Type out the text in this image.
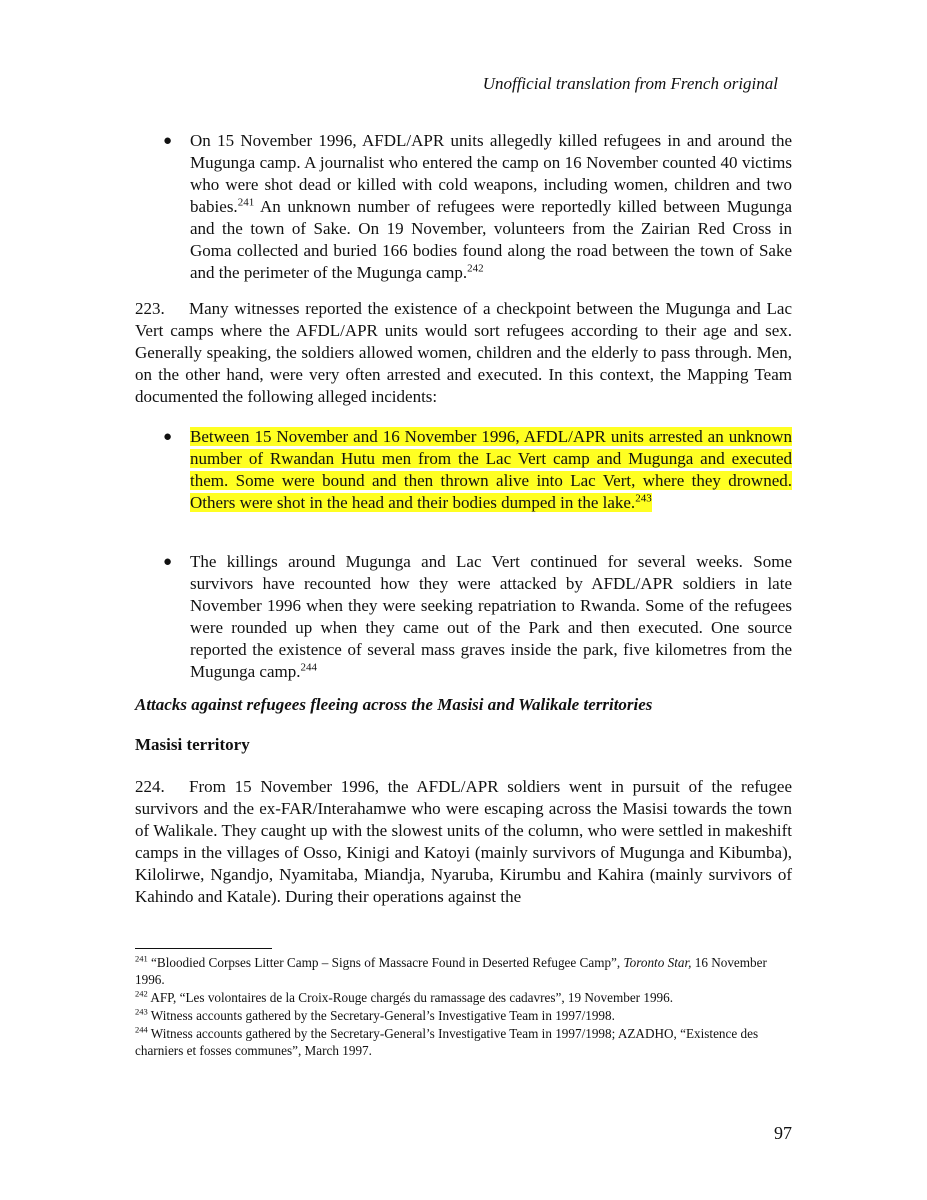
Unofficial translation from French original
● On 15 November 1996, AFDL/APR units allegedly killed refugees in and around the Mugunga camp. A journalist who entered the camp on 16 November counted 40 victims who were shot dead or killed with cold weapons, including women, children and two babies.$^{241}$ An unknown number of refugees were reportedly killed between Mugunga and the town of Sake. On 19 November, volunteers from the Zairian Red Cross in Goma collected and buried 166 bodies found along the road between the town of Sake and the perimeter of the Mugunga camp.$^{242}$
223. Many witnesses reported the existence of a checkpoint between the Mugunga and Lac Vert camps where the AFDL/APR units would sort refugees according to their age and sex. Generally speaking, the soldiers allowed women, children and the elderly to pass through. Men, on the other hand, were very often arrested and executed. In this context, the Mapping Team documented the following alleged incidents:
● Between 15 November and 16 November 1996, AFDL/APR units arrested an unknown number of Rwandan Hutu men from the Lac Vert camp and Mugunga and executed them. Some were bound and then thrown alive into Lac Vert, where they drowned. Others were shot in the head and their bodies dumped in the lake.$^{243}$
● The killings around Mugunga and Lac Vert continued for several weeks. Some survivors have recounted how they were attacked by AFDL/APR soldiers in late November 1996 when they were seeking repatriation to Rwanda. Some of the refugees were rounded up when they came out of the Park and then executed. One source reported the existence of several mass graves inside the park, five kilometres from the Mugunga camp.$^{244}$
Attacks against refugees fleeing across the Masisi and Walikale territories
Masisi territory
224. From 15 November 1996, the AFDL/APR soldiers went in pursuit of the refugee survivors and the ex-FAR/Interahamwe who were escaping across the Masisi towards the town of Walikale. They caught up with the slowest units of the column, who were settled in makeshift camps in the villages of Osso, Kinigi and Katoyi (mainly survivors of Mugunga and Kibumba), Kilolirwe, Ngandjo, Nyamitaba, Miandja, Nyaruba, Kirumbu and Kahira (mainly survivors of Kahindo and Katale). During their operations against the
$^{241}$ “Bloodied Corpses Litter Camp – Signs of Massacre Found in Deserted Refugee Camp”, Toronto Star, 16 November 1996.
$^{242}$ AFP, “Les volontaires de la Croix-Rouge chargés du ramassage des cadavres”, 19 November 1996.
$^{243}$ Witness accounts gathered by the Secretary-General’s Investigative Team in 1997/1998.
$^{244}$ Witness accounts gathered by the Secretary-General’s Investigative Team in 1997/1998; AZADHO, “Existence des charniers et fosses communes”, March 1997.
97
